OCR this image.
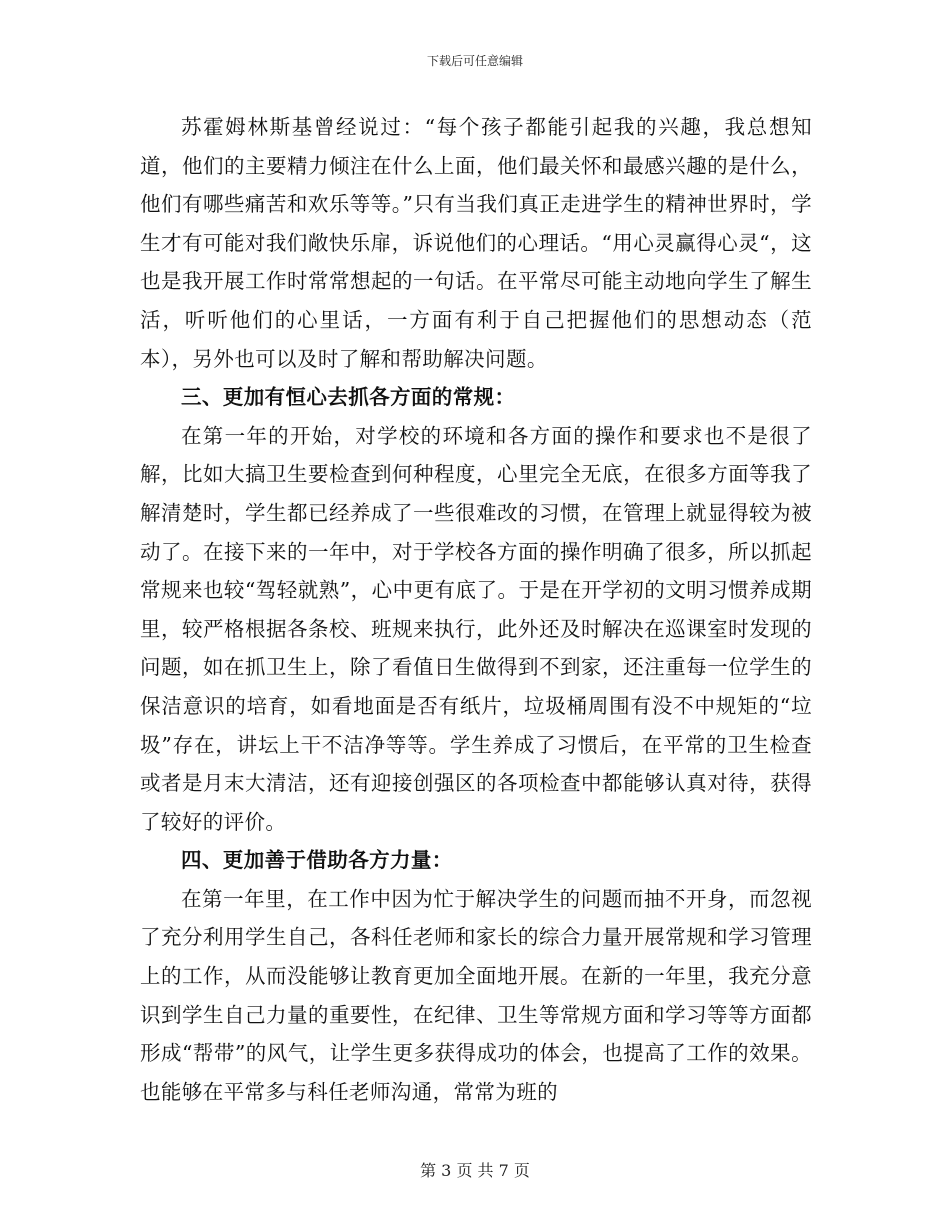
下载后可任意编辑

苏霍姆林斯基曾经说过：“每个孩子都能引起我的兴趣，我总想知道，他们的主要精力倾注在什么上面，他们最关怀和最感兴趣的是什么，他们有哪些痛苦和欢乐等等。”只有当我们真正走进学生的精神世界时，学生才有可能对我们敞快乐扉，诉说他们的心理话。“用心灵赢得心灵“，这也是我开展工作时常常想起的一句话。在平常尽可能主动地向学生了解生活，听听他们的心里话，一方面有利于自己把握他们的思想动态（范本），另外也可以及时了解和帮助解决问题。

三、更加有恒心去抓各方面的常规：

在第一年的开始，对学校的环境和各方面的操作和要求也不是很了解，比如大搞卫生要检查到何种程度，心里完全无底，在很多方面等我了解清楚时，学生都已经养成了一些很难改的习惯，在管理上就显得较为被动了。在接下来的一年中，对于学校各方面的操作明确了很多，所以抓起常规来也较“驾轻就熟”，心中更有底了。于是在开学初的文明习惯养成期里，较严格根据各条校、班规来执行，此外还及时解决在巡课室时发现的问题，如在抓卫生上，除了看值日生做得到不到家，还注重每一位学生的保洁意识的培育，如看地面是否有纸片，垃圾桶周围有没不中规矩的“垃圾”存在，讲坛上干不洁净等等。学生养成了习惯后，在平常的卫生检查或者是月末大清洁，还有迎接创强区的各项检查中都能够认真对待，获得了较好的评价。

四、更加善于借助各方力量：

在第一年里，在工作中因为忙于解决学生的问题而抽不开身，而忽视了充分利用学生自己，各科任老师和家长的综合力量开展常规和学习管理上的工作，从而没能够让教育更加全面地开展。在新的一年里，我充分意识到学生自己力量的重要性，在纪律、卫生等常规方面和学习等等方面都形成“帮带”的风气，让学生更多获得成功的体会，也提高了工作的效果。也能够在平常多与科任老师沟通，常常为班的

第 3 页 共 7 页
